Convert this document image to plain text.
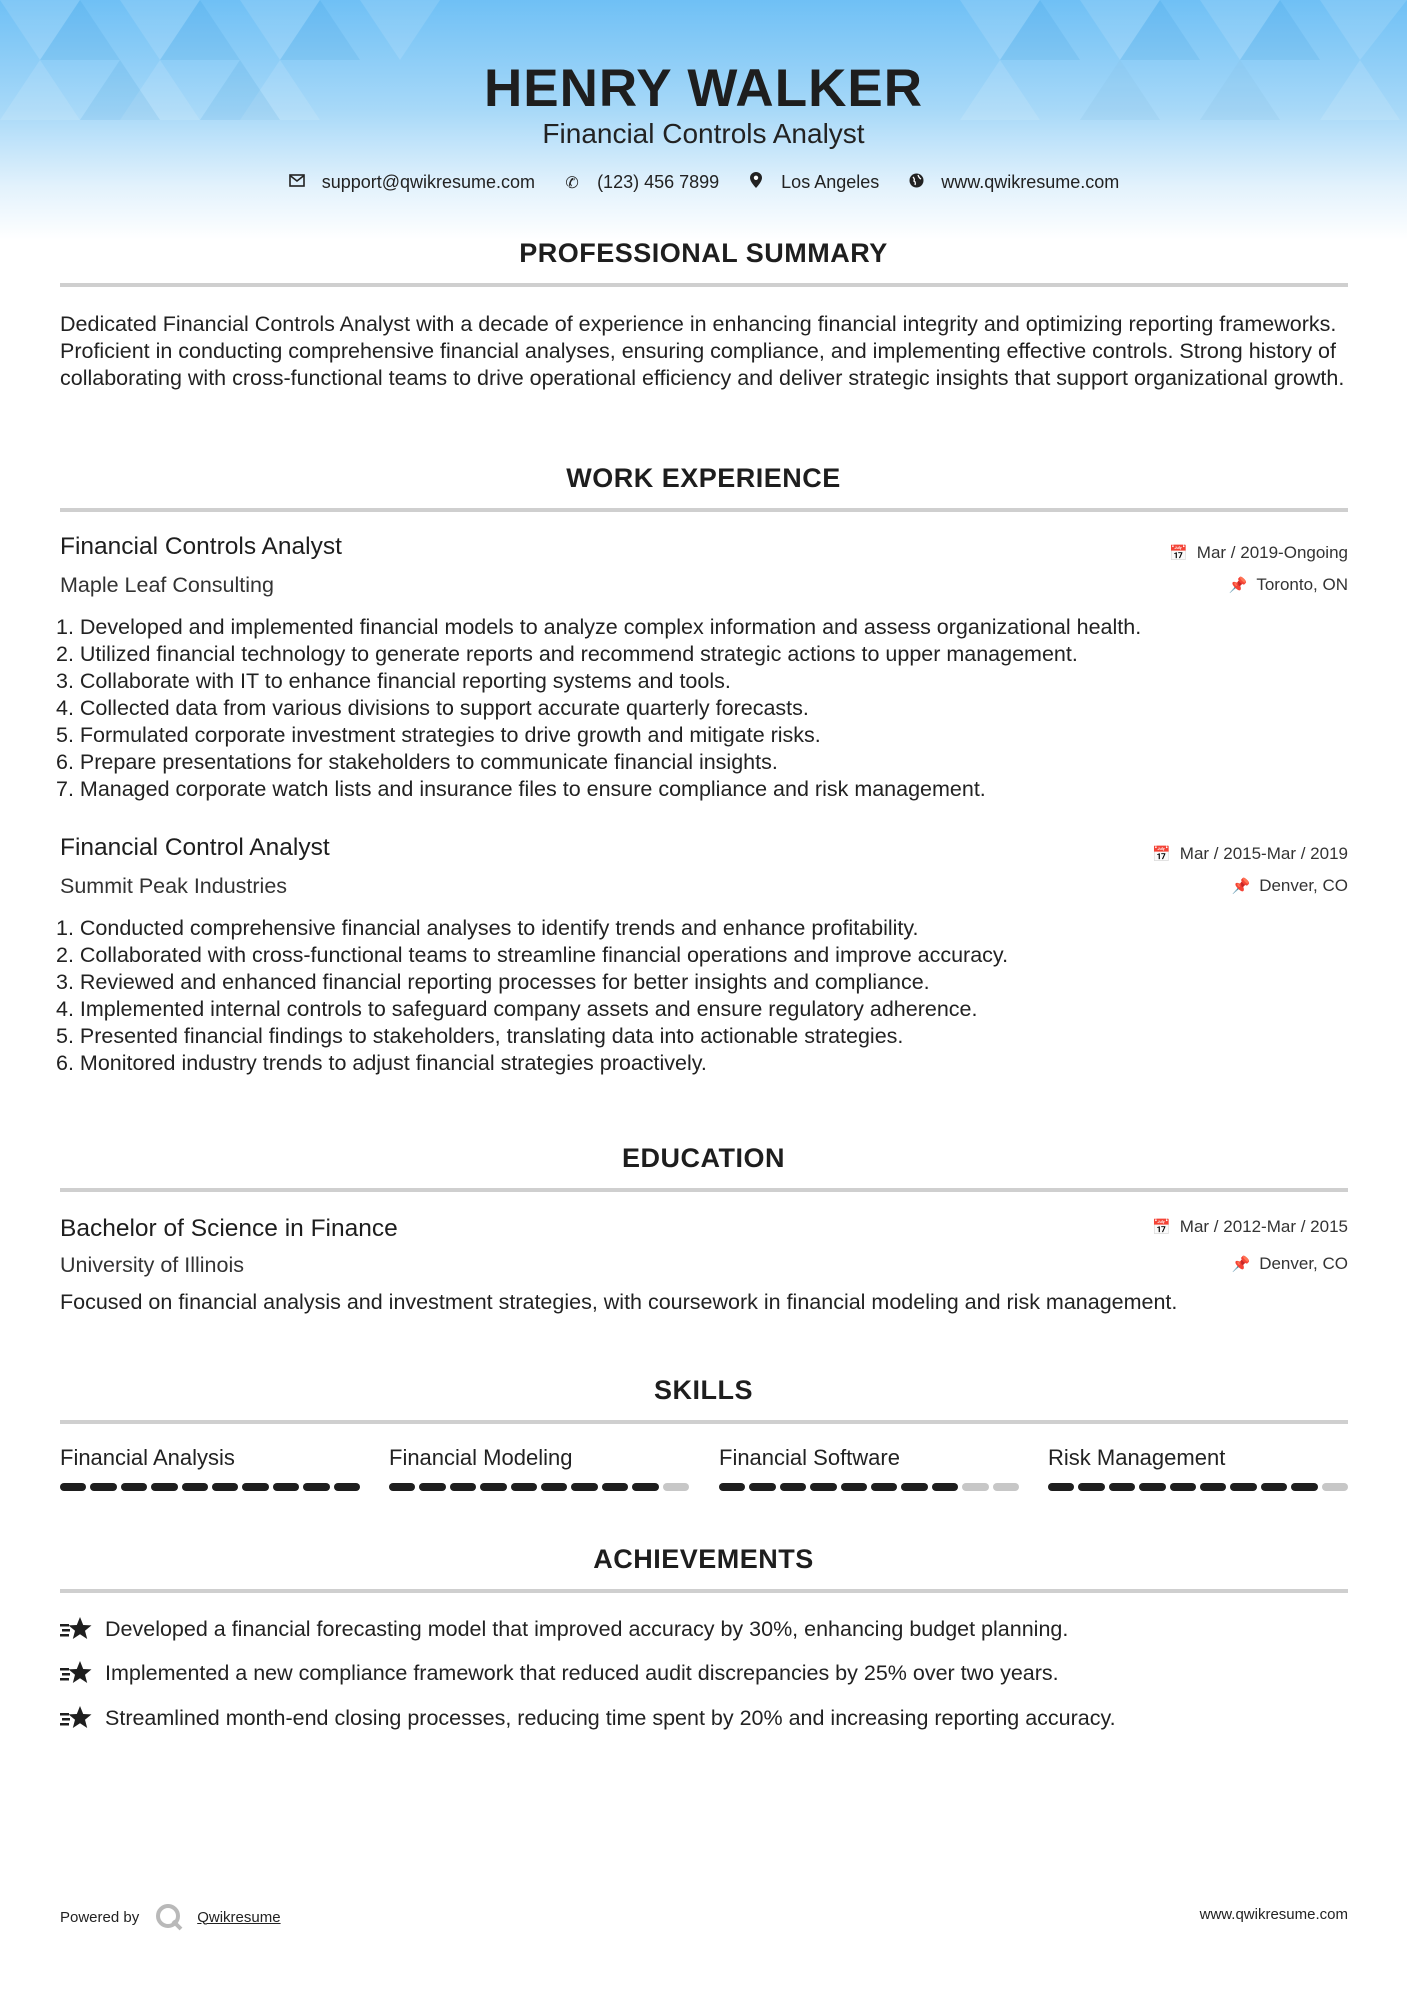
HENRY WALKER
Financial Controls Analyst
support@qwikresume.com ✆ (123) 456 7899	Los Angeles	www.qwikresume.com
PROFESSIONAL SUMMARY
Dedicated Financial Controls Analyst with a decade of experience in enhancing financial integrity and optimizing reporting frameworks. Proficient in conducting comprehensive financial analyses, ensuring compliance, and implementing effective controls. Strong history of collaborating with cross-functional teams to drive operational efficiency and deliver strategic insights that support organizational growth.
WORK EXPERIENCE
Financial Controls Analyst	📅 Mar / 2019-Ongoing
Maple Leaf Consulting	📌 Toronto, ON
1. Developed and implemented financial models to analyze complex information and assess organizational health.
2. Utilized financial technology to generate reports and recommend strategic actions to upper management.
3. Collaborate with IT to enhance financial reporting systems and tools.
4. Collected data from various divisions to support accurate quarterly forecasts.
5. Formulated corporate investment strategies to drive growth and mitigate risks.
6. Prepare presentations for stakeholders to communicate financial insights.
7. Managed corporate watch lists and insurance files to ensure compliance and risk management.
Financial Control Analyst	📅 Mar / 2015-Mar / 2019
Summit Peak Industries	📌 Denver, CO
1. Conducted comprehensive financial analyses to identify trends and enhance profitability.
2. Collaborated with cross-functional teams to streamline financial operations and improve accuracy.
3. Reviewed and enhanced financial reporting processes for better insights and compliance.
4. Implemented internal controls to safeguard company assets and ensure regulatory adherence.
5. Presented financial findings to stakeholders, translating data into actionable strategies.
6. Monitored industry trends to adjust financial strategies proactively.
EDUCATION
Bachelor of Science in Finance	📅 Mar / 2012-Mar / 2015
University of Illinois	📌 Denver, CO
Focused on financial analysis and investment strategies, with coursework in financial modeling and risk management.
SKILLS
Financial Analysis	Financial Modeling	Financial Software	Risk Management
ACHIEVEMENTS
Developed a financial forecasting model that improved accuracy by 30%, enhancing budget planning.
Implemented a new compliance framework that reduced audit discrepancies by 25% over two years.
Streamlined month-end closing processes, reducing time spent by 20% and increasing reporting accuracy.
Powered by	Qwikresume	www.qwikresume.com
